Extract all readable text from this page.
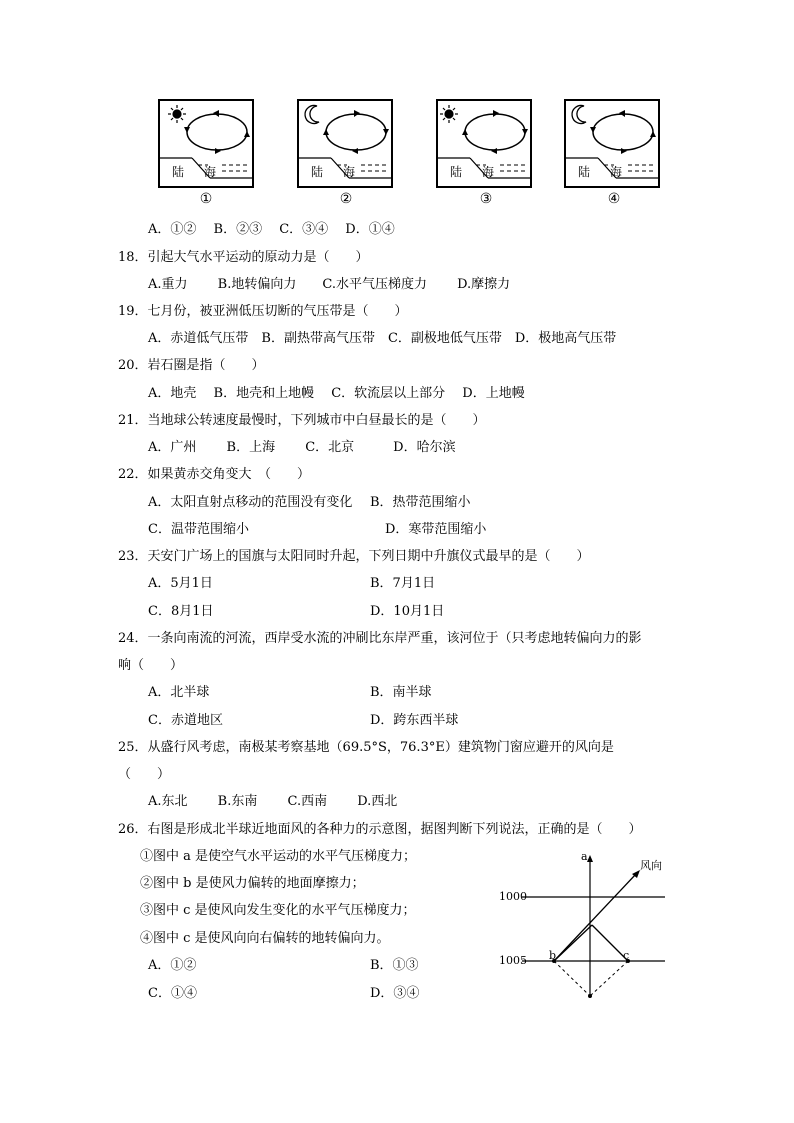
陆 海
①
陆 海
②
陆 海
③
陆 海
④
A．①②　 B．②③　 C．③④　 D．①④
18．引起大气水平运动的原动力是（　　）
A.重力　　 B.地转偏向力　　C.水平气压梯度力　　 D.摩擦力
19．七月份，被亚洲低压切断的气压带是（　　）
A．赤道低气压带　B．副热带高气压带　C．副极地低气压带　D．极地高气压带
20．岩石圈是指（　　）
A．地壳　 B．地壳和上地幔　 C．软流层以上部分　 D．上地幔
21．当地球公转速度最慢时，下列城市中白昼最长的是（　　）
A．广州　　 B．上海　　 C．北京　　　D．哈尔滨
22．如果黄赤交角变大　（　　）
A．太阳直射点移动的范围没有变化 B．热带范围缩小
C．温带范围缩小	D．寒带范围缩小
23．天安门广场上的国旗与太阳同时升起，下列日期中升旗仪式最早的是（　　）
A．5月1日	B．7月1日
C．8月1日	D．10月1日
24．一条向南流的河流，西岸受水流的冲刷比东岸严重，该河位于（只考虑地转偏向力的影
响（　　）
A．北半球	B．南半球
C．赤道地区	D．跨东西半球
25．从盛行风考虑，南极某考察基地（69.5°S，76.3°E）建筑物门窗应避开的风向是
（　　）
A.东北　　 B.东南　　 C.西南　　 D.西北
26．右图是形成北半球近地面风的各种力的示意图，据图判断下列说法，正确的是（　　）
①图中 a 是使空气水平运动的水平气压梯度力；
②图中 b 是使风力偏转的地面摩擦力；
③图中 c 是使风向发生变化的水平气压梯度力；
④图中 c 是使风向向右偏转的地转偏向力。
A．①②	B．①③
C．①④	D．③④
1000
1005
a
b	c
风向
